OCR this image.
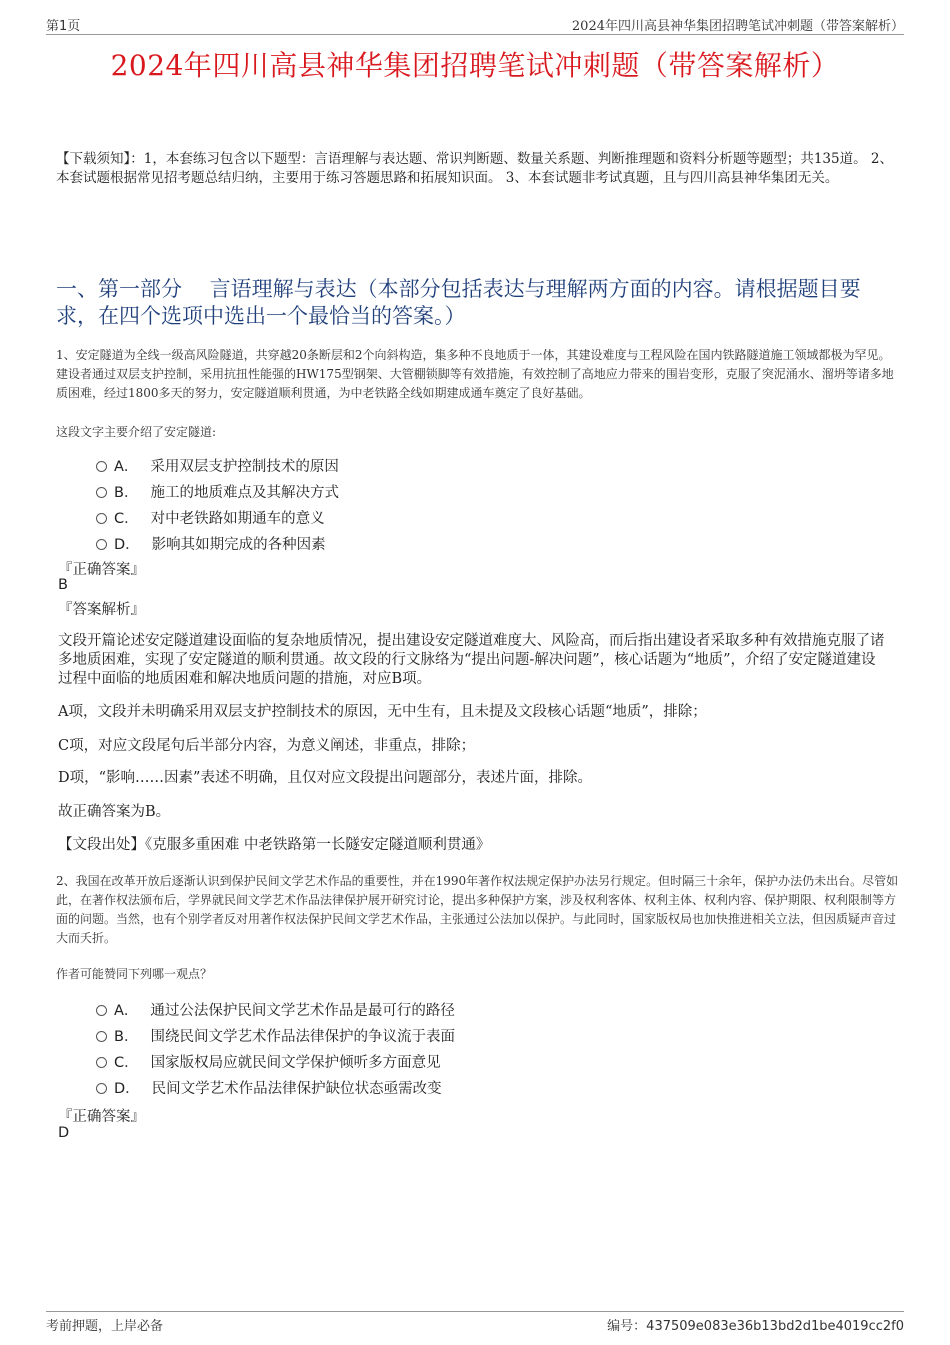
第1页	2024年四川高县神华集团招聘笔试冲刺题（带答案解析）
2024年四川高县神华集团招聘笔试冲刺题（带答案解析）
【下载须知】：1，本套练习包含以下题型：言语理解与表达题、常识判断题、数量关系题、判断推理题和资料分析题等题型；共135道。 2、本套试题根据常见招考题总结归纳，主要用于练习答题思路和拓展知识面。 3、本套试题非考试真题，且与四川高县神华集团无关。
一、第一部分　 言语理解与表达（本部分包括表达与理解两方面的内容。请根据题目要求，在四个选项中选出一个最恰当的答案。）
1、安定隧道为全线一级高风险隧道，共穿越20条断层和2个向斜构造，集多种不良地质于一体，其建设难度与工程风险在国内铁路隧道施工领域都极为罕见。建设者通过双层支护控制，采用抗扭性能强的HW175型钢架、大管棚锁脚等有效措施，有效控制了高地应力带来的围岩变形，克服了突泥涌水、溜坍等诸多地质困难，经过1800多天的努力，安定隧道顺利贯通，为中老铁路全线如期建成通车奠定了良好基础。
这段文字主要介绍了安定隧道:
A． 采用双层支护控制技术的原因
B． 施工的地质难点及其解决方式
C． 对中老铁路如期通车的意义
D． 影响其如期完成的各种因素
『正确答案』
B
『答案解析』
文段开篇论述安定隧道建设面临的复杂地质情况，提出建设安定隧道难度大、风险高，而后指出建设者采取多种有效措施克服了诸多地质困难，实现了安定隧道的顺利贯通。故文段的行文脉络为“提出问题-解决问题”，核心话题为“地质”，介绍了安定隧道建设过程中面临的地质困难和解决地质问题的措施，对应B项。
A项，文段并未明确采用双层支护控制技术的原因，无中生有，且未提及文段核心话题“地质”，排除；
C项，对应文段尾句后半部分内容，为意义阐述，非重点，排除；
D项，“影响……因素”表述不明确，且仅对应文段提出问题部分，表述片面，排除。
故正确答案为B。
【文段出处】《克服多重困难 中老铁路第一长隧安定隧道顺利贯通》
2、我国在改革开放后逐渐认识到保护民间文学艺术作品的重要性，并在1990年著作权法规定保护办法另行规定。但时隔三十余年，保护办法仍未出台。尽管如此，在著作权法颁布后，学界就民间文学艺术作品法律保护展开研究讨论，提出多种保护方案，涉及权利客体、权利主体、权利内容、保护期限、权利限制等方面的问题。当然，也有个别学者反对用著作权法保护民间文学艺术作品，主张通过公法加以保护。与此同时，国家版权局也加快推进相关立法，但因质疑声音过大而夭折。
作者可能赞同下列哪一观点？
A． 通过公法保护民间文学艺术作品是最可行的路径
B． 围绕民间文学艺术作品法律保护的争议流于表面
C． 国家版权局应就民间文学保护倾听多方面意见
D． 民间文学艺术作品法律保护缺位状态亟需改变
『正确答案』
D
考前押题，上岸必备	编号：437509e083e36b13bd2d1be4019cc2f0
